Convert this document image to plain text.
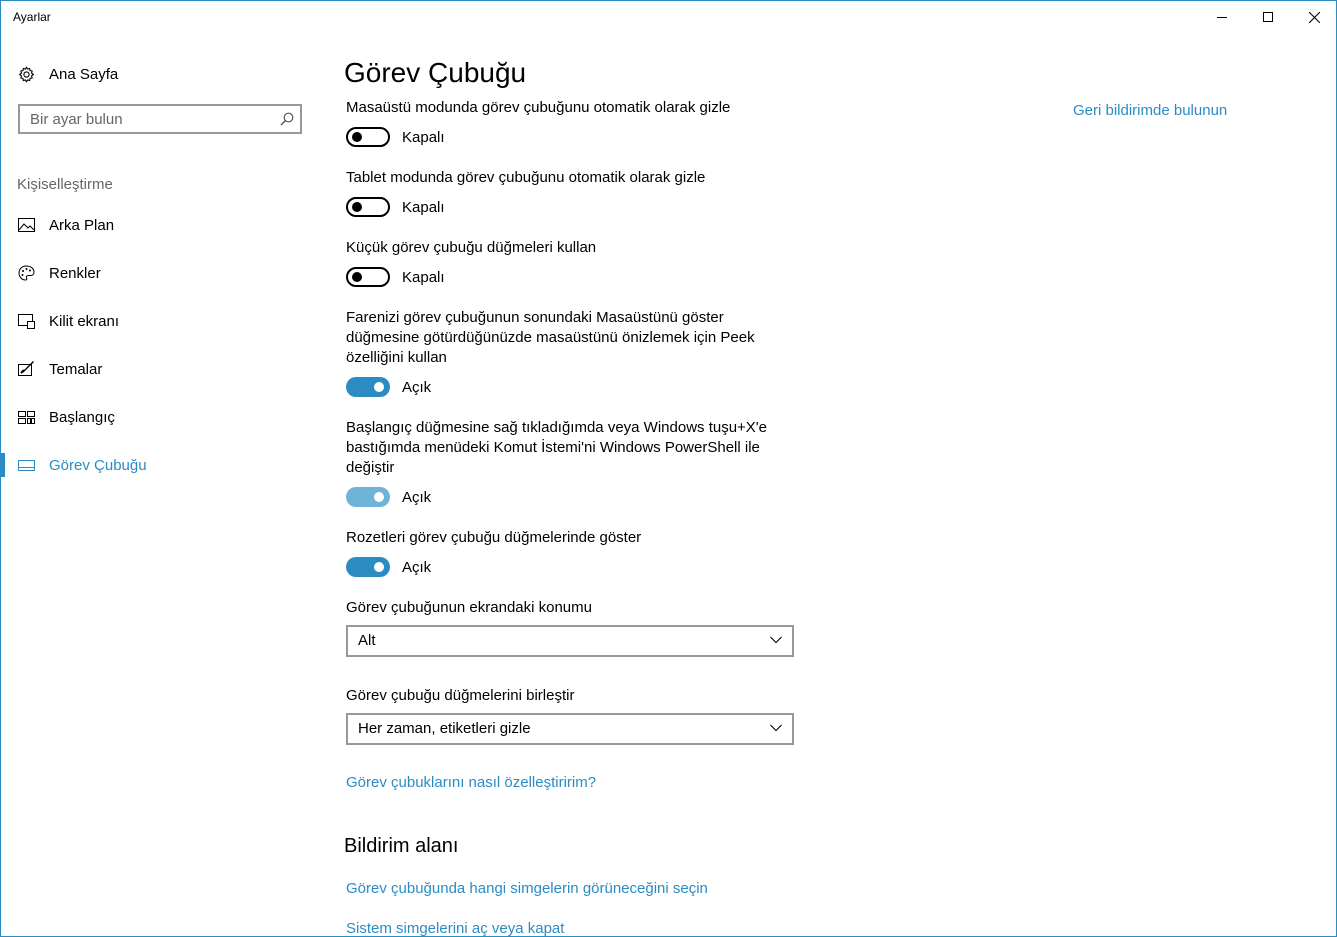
Ayarlar
Ana Sayfa
Bir ayar bulun
Kişiselleştirme
Arka Plan
Renkler
Kilit ekranı
Temalar
Başlangıç
Görev Çubuğu
Görev Çubuğu
Geri bildirimde bulunun
Masaüstü modunda görev çubuğunu otomatik olarak gizle
Kapalı
Tablet modunda görev çubuğunu otomatik olarak gizle
Kapalı
Küçük görev çubuğu düğmeleri kullan
Kapalı
Farenizi görev çubuğunun sonundaki Masaüstünü göster düğmesine götürdüğünüzde masaüstünü önizlemek için Peek özelliğini kullan
Açık
Başlangıç düğmesine sağ tıkladığımda veya Windows tuşu+X'e bastığımda menüdeki Komut İstemi'ni Windows PowerShell ile değiştir
Açık
Rozetleri görev çubuğu düğmelerinde göster
Açık
Görev çubuğunun ekrandaki konumu
Alt
Görev çubuğu düğmelerini birleştir
Her zaman, etiketleri gizle
Görev çubuklarını nasıl özelleştiririm?
Bildirim alanı
Görev çubuğunda hangi simgelerin görüneceğini seçin
Sistem simgelerini aç veya kapat
